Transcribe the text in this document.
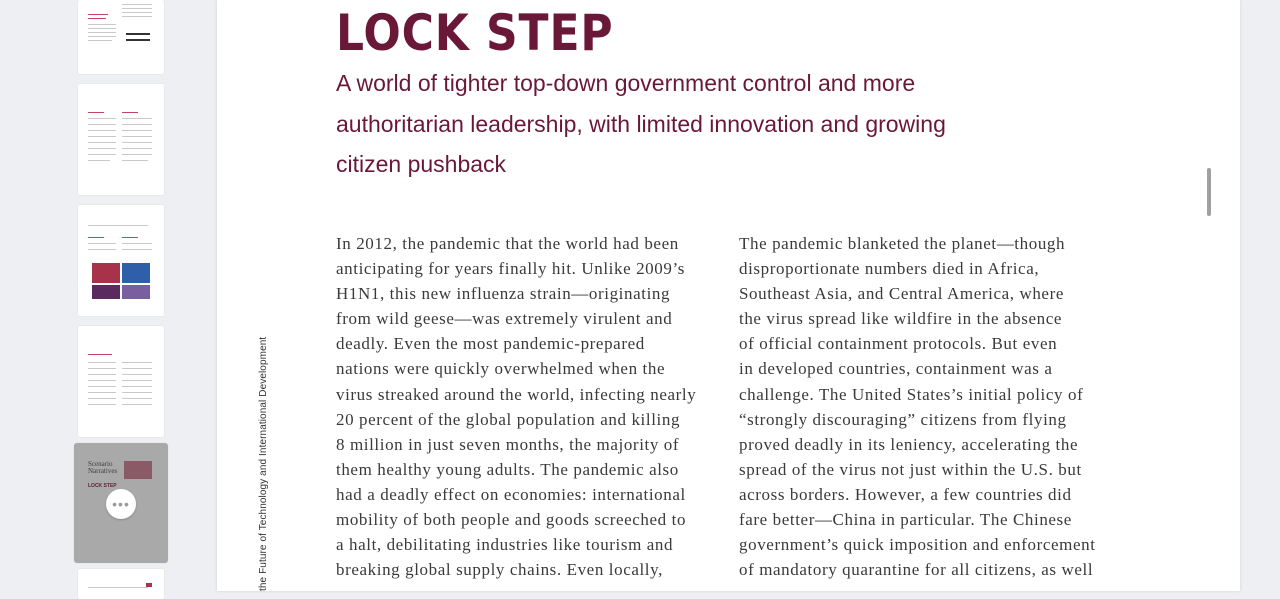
Scenario
Narratives
LOCK STEP
•••	the Future of Technology and International Development
LOCK STEP

A world of tighter top-down government control and more authoritarian leadership, with limited innovation and growing citizen pushback

In 2012, the pandemic that the world had been
anticipating for years finally hit. Unlike 2009’s
H1N1, this new influenza strain—originating
from wild geese—was extremely virulent and
deadly. Even the most pandemic-prepared
nations were quickly overwhelmed when the
virus streaked around the world, infecting nearly
20 percent of the global population and killing
8 million in just seven months, the majority of
them healthy young adults. The pandemic also
had a deadly effect on economies: international
mobility of both people and goods screeched to
a halt, debilitating industries like tourism and
breaking global supply chains. Even locally,
The pandemic blanketed the planet—though
disproportionate numbers died in Africa,
Southeast Asia, and Central America, where
the virus spread like wildfire in the absence
of official containment protocols. But even
in developed countries, containment was a
challenge. The United States’s initial policy of
“strongly discouraging” citizens from flying
proved deadly in its leniency, accelerating the
spread of the virus not just within the U.S. but
across borders. However, a few countries did
fare better—China in particular. The Chinese
government’s quick imposition and enforcement
of mandatory quarantine for all citizens, as well
